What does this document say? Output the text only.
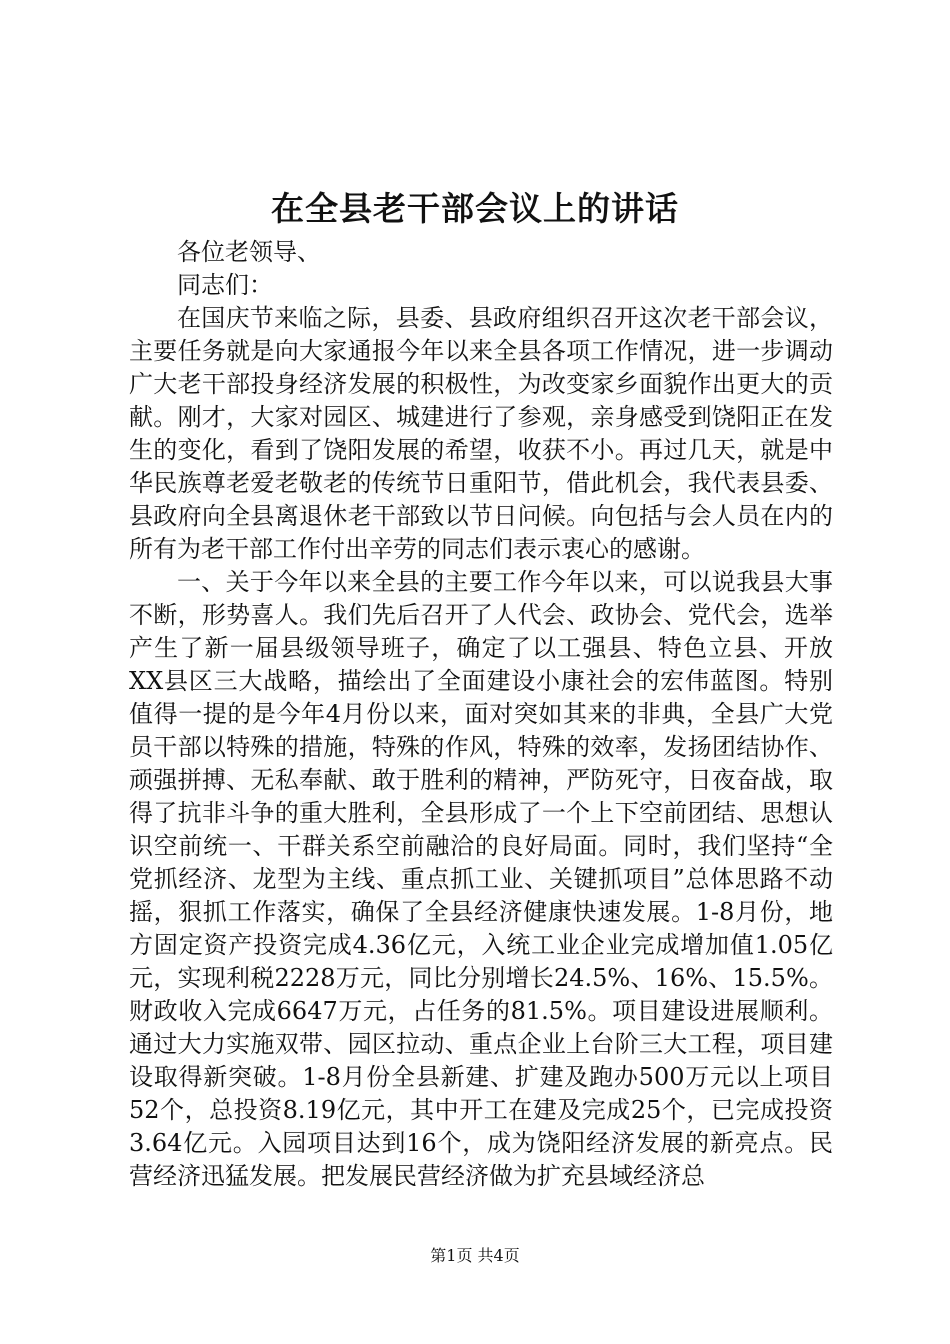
在全县老干部会议上的讲话

各位老领导、

同志们：

在国庆节来临之际，县委、县政府组织召开这次老干部会议，主要任务就是向大家通报今年以来全县各项工作情况，进一步调动广大老干部投身经济发展的积极性，为改变家乡面貌作出更大的贡献。刚才，大家对园区、城建进行了参观，亲身感受到饶阳正在发生的变化，看到了饶阳发展的希望，收获不小。再过几天，就是中华民族尊老爱老敬老的传统节日重阳节，借此机会，我代表县委、县政府向全县离退休老干部致以节日问候。向包括与会人员在内的所有为老干部工作付出辛劳的同志们表示衷心的感谢。

一、关于今年以来全县的主要工作今年以来，可以说我县大事不断，形势喜人。我们先后召开了人代会、政协会、党代会，选举产生了新一届县级领导班子，确定了以工强县、特色立县、开放XX县区三大战略，描绘出了全面建设小康社会的宏伟蓝图。特别值得一提的是今年4月份以来，面对突如其来的非典，全县广大党员干部以特殊的措施，特殊的作风，特殊的效率，发扬团结协作、顽强拼搏、无私奉献、敢于胜利的精神，严防死守，日夜奋战，取得了抗非斗争的重大胜利，全县形成了一个上下空前团结、思想认识空前统一、干群关系空前融洽的良好局面。同时，我们坚持“全党抓经济、龙型为主线、重点抓工业、关键抓项目”总体思路不动摇，狠抓工作落实，确保了全县经济健康快速发展。1-8月份，地方固定资产投资完成4.36亿元，入统工业企业完成增加值1.05亿元，实现利税2228万元，同比分别增长24.5%、16%、15.5%。财政收入完成6647万元，占任务的81.5%。项目建设进展顺利。通过大力实施双带、园区拉动、重点企业上台阶三大工程，项目建设取得新突破。1-8月份全县新建、扩建及跑办500万元以上项目52个，总投资8.19亿元，其中开工在建及完成25个，已完成投资3.64亿元。入园项目达到16个，成为饶阳经济发展的新亮点。民营经济迅猛发展。把发展民营经济做为扩充县域经济总

第1页 共4页
